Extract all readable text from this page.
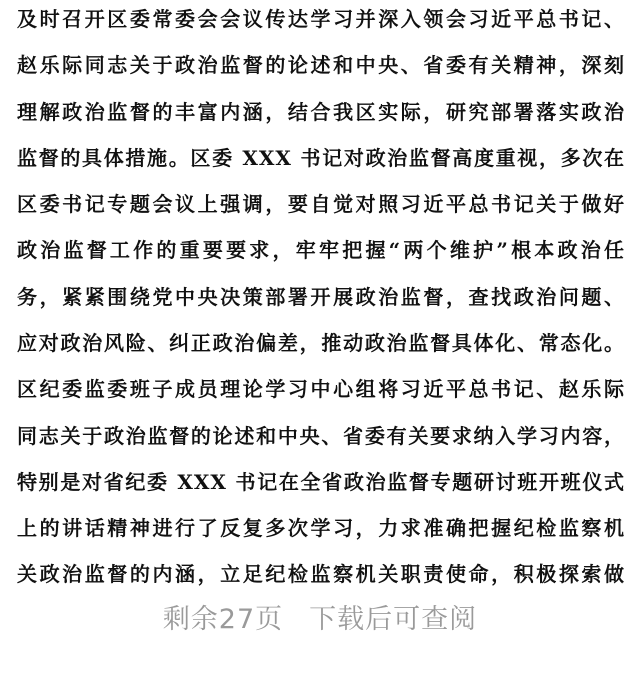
及时召开区委常委会会议传达学习并深入领会习近平总书记、
赵乐际同志关于政治监督的论述和中央、省委有关精神，深刻
理解政治监督的丰富内涵，结合我区实际，研究部署落实政治
监督的具体措施。区委 XXX 书记对政治监督高度重视，多次在
区委书记专题会议上强调，要自觉对照习近平总书记关于做好
政治监督工作的重要要求，牢牢把握“两个维护”根本政治任
务，紧紧围绕党中央决策部署开展政治监督，查找政治问题、
应对政治风险、纠正政治偏差，推动政治监督具体化、常态化。
区纪委监委班子成员理论学习中心组将习近平总书记、赵乐际
同志关于政治监督的论述和中央、省委有关要求纳入学习内容，
特别是对省纪委 XXX 书记在全省政治监督专题研讨班开班仪式
上的讲话精神进行了反复多次学习，力求准确把握纪检监察机
关政治监督的内涵，立足纪检监察机关职责使命，积极探索做
剩余27页 下载后可查阅
